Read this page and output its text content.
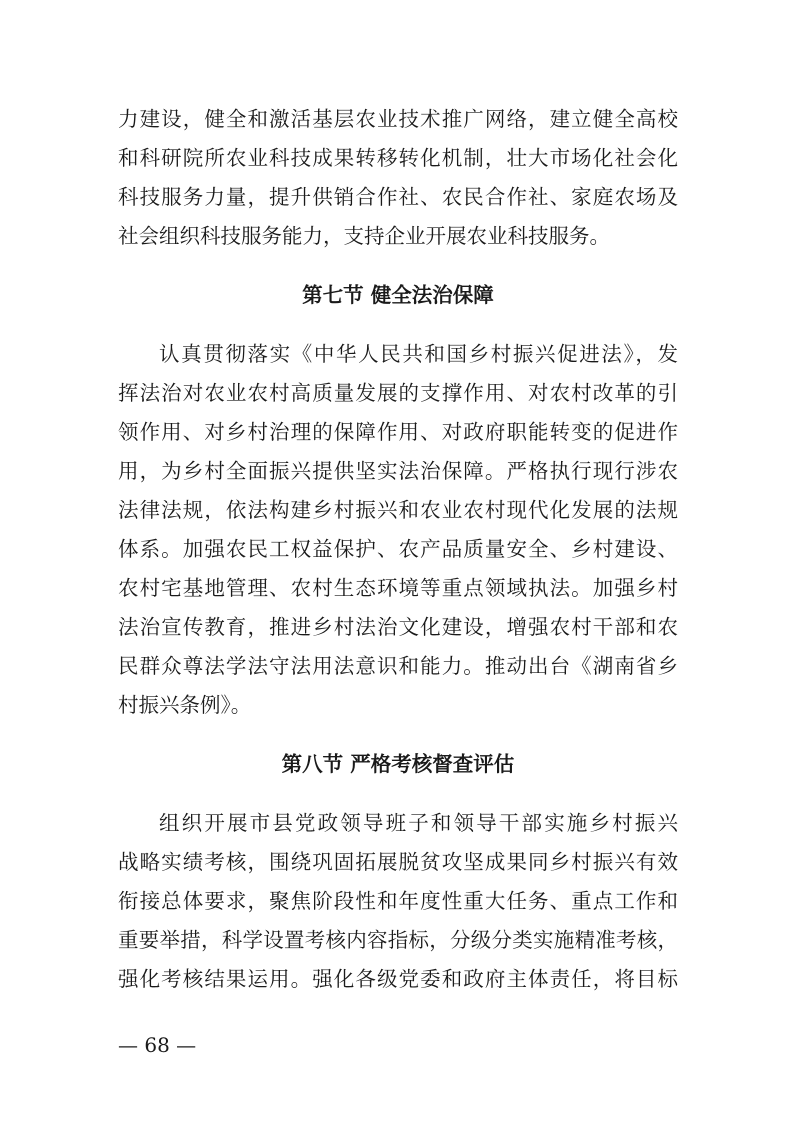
力建设，健全和激活基层农业技术推广网络，建立健全高校
和科研院所农业科技成果转移转化机制，壮大市场化社会化
科技服务力量，提升供销合作社、农民合作社、家庭农场及
社会组织科技服务能力，支持企业开展农业科技服务。
第七节 健全法治保障
认真贯彻落实《中华人民共和国乡村振兴促进法》，发
挥法治对农业农村高质量发展的支撑作用、对农村改革的引
领作用、对乡村治理的保障作用、对政府职能转变的促进作
用，为乡村全面振兴提供坚实法治保障。严格执行现行涉农
法律法规，依法构建乡村振兴和农业农村现代化发展的法规
体系。加强农民工权益保护、农产品质量安全、乡村建设、
农村宅基地管理、农村生态环境等重点领域执法。加强乡村
法治宣传教育，推进乡村法治文化建设，增强农村干部和农
民群众尊法学法守法用法意识和能力。推动出台《湖南省乡
村振兴条例》。
第八节 严格考核督查评估
组织开展市县党政领导班子和领导干部实施乡村振兴
战略实绩考核，围绕巩固拓展脱贫攻坚成果同乡村振兴有效
衔接总体要求，聚焦阶段性和年度性重大任务、重点工作和
重要举措，科学设置考核内容指标，分级分类实施精准考核，
强化考核结果运用。强化各级党委和政府主体责任，将目标
— 68 —
